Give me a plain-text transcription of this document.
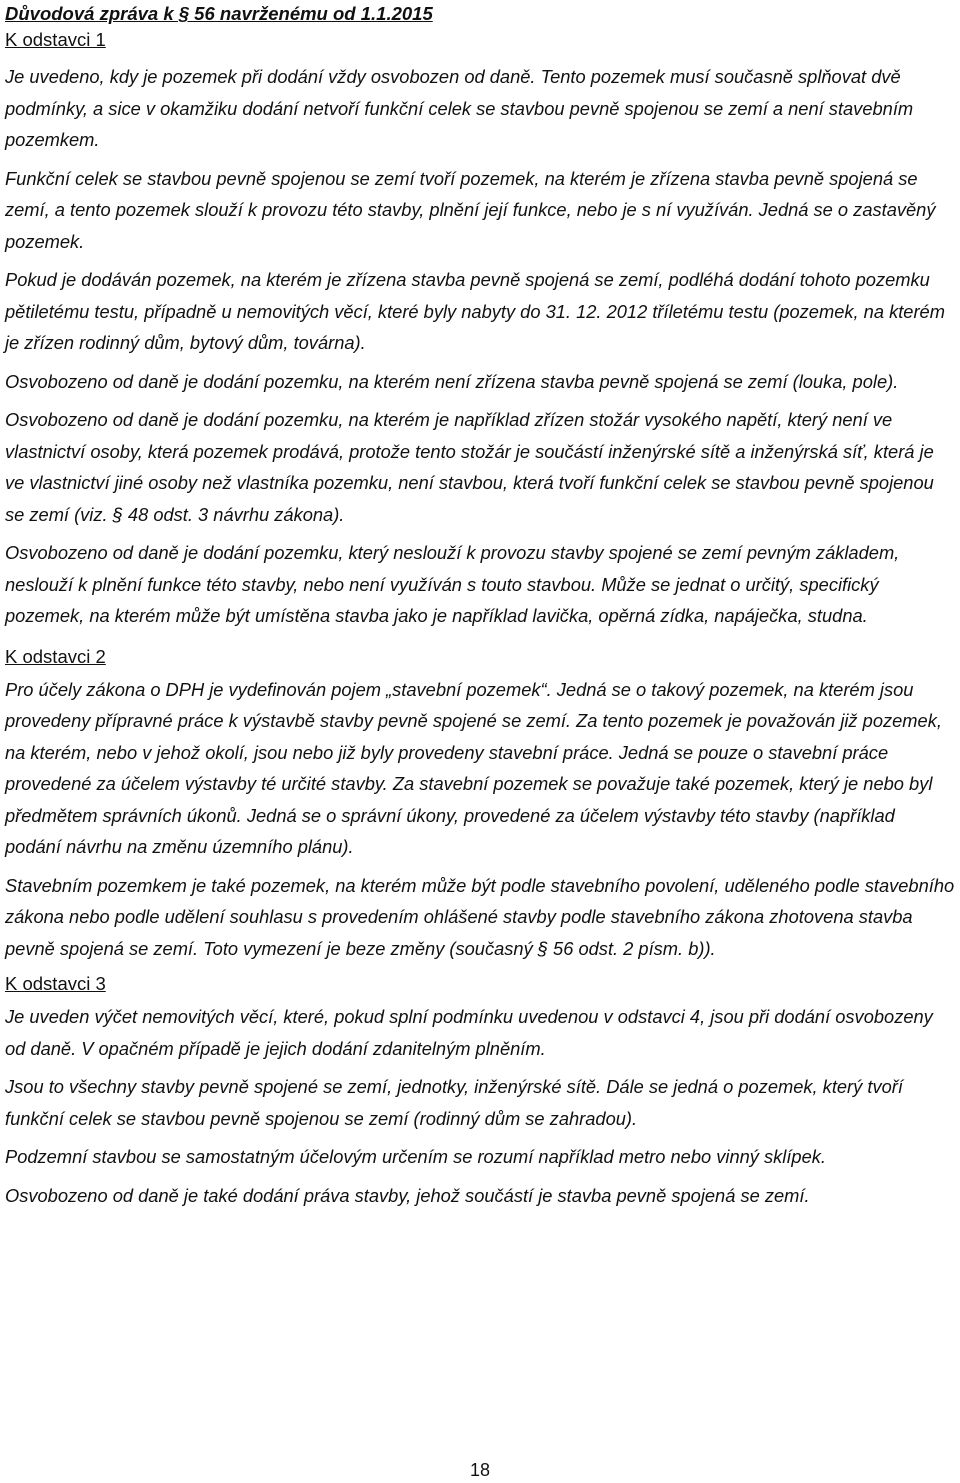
Důvodová zpráva k § 56 navrženému od 1.1.2015

K odstavci 1

Je uvedeno, kdy je pozemek při dodání vždy osvobozen od daně. Tento pozemek musí současně splňovat dvě podmínky, a sice v okamžiku dodání netvoří funkční celek se stavbou pevně spojenou se zemí a není stavebním pozemkem.

Funkční celek se stavbou pevně spojenou se zemí tvoří pozemek, na kterém je zřízena stavba pevně spojená se zemí, a tento pozemek slouží k provozu této stavby, plnění její funkce, nebo je s ní využíván. Jedná se o zastavěný pozemek.

Pokud je dodáván pozemek, na kterém je zřízena stavba pevně spojená se zemí, podléhá dodání tohoto pozemku pětiletému testu, případně u nemovitých věcí, které byly nabyty do 31. 12. 2012 tříletému testu (pozemek, na kterém je zřízen rodinný dům, bytový dům, továrna).

Osvobozeno od daně je dodání pozemku, na kterém není zřízena stavba pevně spojená se zemí (louka, pole).

Osvobozeno od daně je dodání pozemku, na kterém je například zřízen stožár vysokého napětí, který není ve vlastnictví osoby, která pozemek prodává, protože tento stožár je součástí inženýrské sítě a inženýrská síť, která je ve vlastnictví jiné osoby než vlastníka pozemku, není stavbou, která tvoří funkční celek se stavbou pevně spojenou se zemí (viz. § 48 odst. 3 návrhu zákona).

Osvobozeno od daně je dodání pozemku, který neslouží k provozu stavby spojené se zemí pevným základem, neslouží k plnění funkce této stavby, nebo není využíván s touto stavbou. Může se jednat o určitý, specifický pozemek, na kterém může být umístěna stavba jako je například lavička, opěrná zídka, napáječka, studna.

K odstavci 2

Pro účely zákona o DPH je vydefinován pojem „stavební pozemek“. Jedná se o takový pozemek, na kterém jsou provedeny přípravné práce k výstavbě stavby pevně spojené se zemí. Za tento pozemek je považován již pozemek, na kterém, nebo v jehož okolí, jsou nebo již byly provedeny stavební práce. Jedná se pouze o stavební práce provedené za účelem výstavby té určité stavby. Za stavební pozemek se považuje také pozemek, který je nebo byl předmětem správních úkonů. Jedná se o správní úkony, provedené za účelem výstavby této stavby (například podání návrhu na změnu územního plánu).

Stavebním pozemkem je také pozemek, na kterém může být podle stavebního povolení, uděleného podle stavebního zákona nebo podle udělení souhlasu s provedením ohlášené stavby podle stavebního zákona zhotovena stavba pevně spojená se zemí. Toto vymezení je beze změny (současný § 56 odst. 2 písm. b)).

K odstavci 3

Je uveden výčet nemovitých věcí, které, pokud splní podmínku uvedenou v odstavci 4, jsou při dodání osvobozeny od daně. V opačném případě je jejich dodání zdanitelným plněním.

Jsou to všechny stavby pevně spojené se zemí, jednotky, inženýrské sítě. Dále se jedná o pozemek, který tvoří funkční celek se stavbou pevně spojenou se zemí (rodinný dům se zahradou).

Podzemní stavbou se samostatným účelovým určením se rozumí například metro nebo vinný sklípek.

Osvobozeno od daně je také dodání práva stavby, jehož součástí je stavba pevně spojená se zemí.

18
